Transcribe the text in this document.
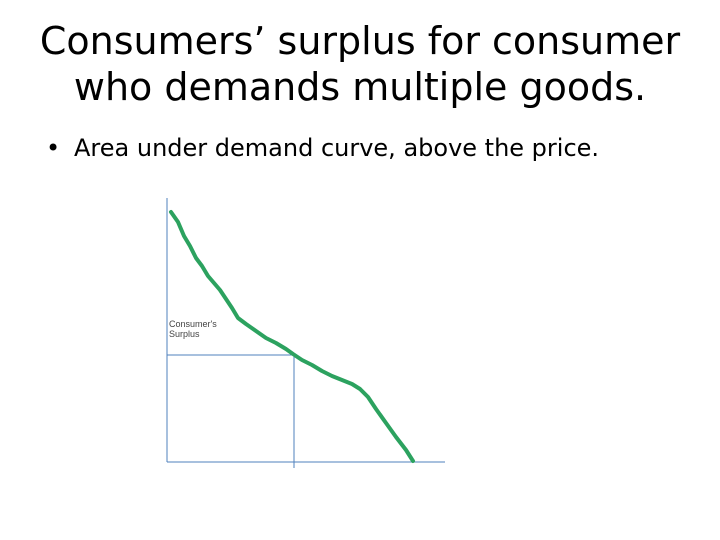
Consumers’ surplus for consumer
who demands multiple goods.
• Area under demand curve, above the price.
Consumer's
Surplus
